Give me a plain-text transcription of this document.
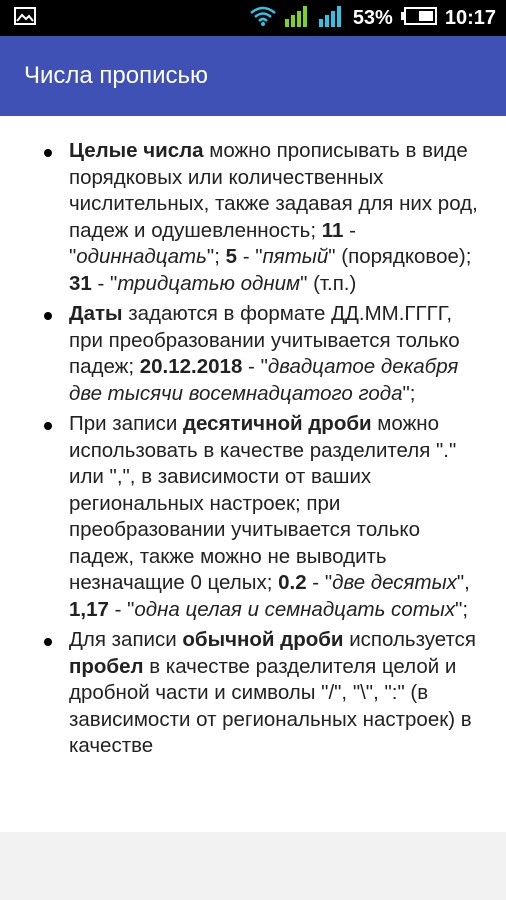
53%	10:17
Числа прописью
Целые числа можно прописывать в виде порядковых или количественных числительных, также задавая для них род, падеж и одушевленность; 11 - "одиннадцать"; 5 - "пятый" (порядковое); 31 - "тридцатью одним" (т.п.)
Даты задаются в формате ДД.ММ.ГГГГ, при преобразовании учитывается только падеж; 20.12.2018 - "двадцатое декабря две тысячи восемнадцатого года";
При записи десятичной дроби можно использовать в качестве разделителя "." или ",", в зависимости от ваших региональных настроек; при преобразовании учитывается только падеж, также можно не выводить незначащие 0 целых; 0.2 - "две десятых", 1,17 - "одна целая и семнадцать сотых";
Для записи обычной дроби используется пробел в качестве разделителя целой и дробной части и символы "/", "\", ":" (в зависимости от региональных настроек) в качестве
